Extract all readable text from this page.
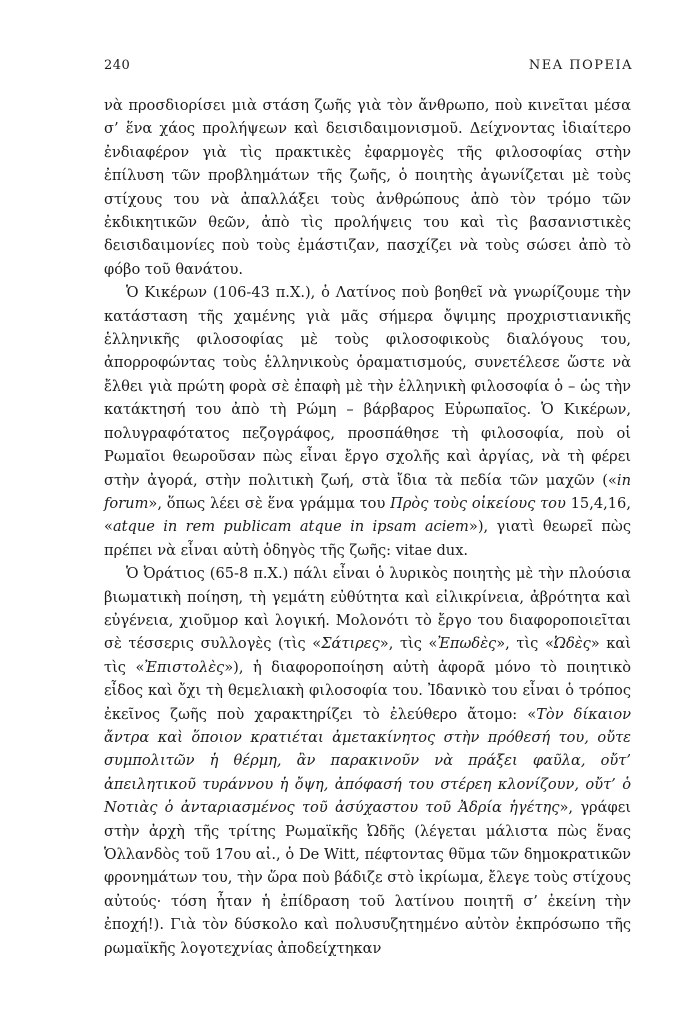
240	ΝΕΑ ΠΟΡΕΙΑ

νὰ προσδιορίσει μιὰ στάση ζωῆς γιὰ τὸν ἄνθρωπο, ποὺ κινεῖται μέσα σ’ ἕνα χάος προλήψεων καὶ δεισιδαιμονισμοῦ. Δείχνοντας ἰδιαίτερο ἐνδιαφέρον γιὰ τὶς πρακτικὲς ἐφαρμογὲς τῆς φιλοσοφίας στὴν ἐπίλυση τῶν προβλημάτων τῆς ζωῆς, ὁ ποιητὴς ἀγωνίζεται μὲ τοὺς στίχους του νὰ ἀπαλλάξει τοὺς ἀνθρώπους ἀπὸ τὸν τρόμο τῶν ἐκδικητικῶν θεῶν, ἀπὸ τὶς προλήψεις του καὶ τὶς βασανιστικὲς δεισιδαιμονίες ποὺ τοὺς ἐμάστιζαν, πασχίζει νὰ τοὺς σώσει ἀπὸ τὸ φόβο τοῦ θανάτου.

Ὁ Κικέρων (106-43 π.Χ.), ὁ Λατίνος ποὺ βοηθεῖ νὰ γνωρίζουμε τὴν κατάσταση τῆς χαμένης γιὰ μᾶς σήμερα ὄψιμης προχριστιανικῆς ἑλληνικῆς φιλοσοφίας μὲ τοὺς φιλοσοφικοὺς διαλόγους του, ἀπορροφώντας τοὺς ἑλληνικοὺς ὁραματισμούς, συνετέλεσε ὥστε νὰ ἔλθει γιὰ πρώτη φορὰ σὲ ἐπαφὴ μὲ τὴν ἑλληνικὴ φιλοσοφία ὁ – ὡς τὴν κατάκτησή του ἀπὸ τὴ Ρώμη – βάρβαρος Εὐρωπαῖος. Ὁ Κικέρων, πολυγραφότατος πεζογράφος, προσπάθησε τὴ φιλοσοφία, ποὺ οἱ Ρωμαῖοι θεωροῦσαν πὼς εἶναι ἔργο σχολῆς καὶ ἀργίας, νὰ τὴ φέρει στὴν ἀγορά, στὴν πολιτικὴ ζωή, στὰ ἴδια τὰ πεδία τῶν μαχῶν («in forum», ὅπως λέει σὲ ἕνα γράμμα του Πρὸς τοὺς οἰκείους του 15,4,16, «atque in rem publicam atque in ipsam aciem»), γιατὶ θεωρεῖ πὼς πρέπει νὰ εἶναι αὐτὴ ὁδηγὸς τῆς ζωῆς: vitae dux.

Ὁ Ὀράτιος (65-8 π.Χ.) πάλι εἶναι ὁ λυρικὸς ποιητὴς μὲ τὴν πλούσια βιωματικὴ ποίηση, τὴ γεμάτη εὐθύτητα καὶ εἰλικρίνεια, ἀβρότητα καὶ εὐγένεια, χιοῦμορ καὶ λογική. Μολονότι τὸ ἔργο του διαφοροποιεῖται σὲ τέσσερις συλλογὲς (τὶς «Σάτιρες», τὶς «Ἐπωδὲς», τὶς «Ὠδὲς» καὶ τὶς «Ἐπιστολὲς»), ἡ διαφοροποίηση αὐτὴ ἀφορᾶ μόνο τὸ ποιητικὸ εἶδος καὶ ὄχι τὴ θεμελιακὴ φιλοσοφία του. Ἰδανικὸ του εἶναι ὁ τρόπος ἐκεῖνος ζωῆς ποὺ χαρακτηρίζει τὸ ἐλεύθερο ἄτομο: «Τὸν δίκαιον ἄντρα καὶ ὅποιον κρατιέται ἀμετακίνητος στὴν πρόθεσή του, οὔτε συμπολιτῶν ἡ θέρμη, ἂν παρακινοῦν νὰ πράξει φαῦλα, οὔτ’ ἀπειλητικοῦ τυράννου ἡ ὄψη, ἀπόφασή του στέρεη κλονίζουν, οὔτ’ ὁ Νοτιὰς ὁ ἀνταριασμένος τοῦ ἀσύχαστου τοῦ Ἀδρία ἡγέτης», γράφει στὴν ἀρχὴ τῆς τρίτης Ρωμαϊκῆς Ὠδῆς (λέγεται μάλιστα πὼς ἕνας Ὁλλανδὸς τοῦ 17ου αἰ., ὁ De Witt, πέφτοντας θῦμα τῶν δημοκρατικῶν φρονημάτων του, τὴν ὥρα ποὺ βάδιζε στὸ ἰκρίωμα, ἔλεγε τοὺς στίχους αὐτούς· τόση ἦταν ἡ ἐπίδραση τοῦ λατίνου ποιητῆ σ’ ἐκείνη τὴν ἐποχή!). Γιὰ τὸν δύσκολο καὶ πολυσυζητημένο αὐτὸν ἐκπρόσωπο τῆς ρωμαϊκῆς λογοτεχνίας ἀποδείχτηκαν
